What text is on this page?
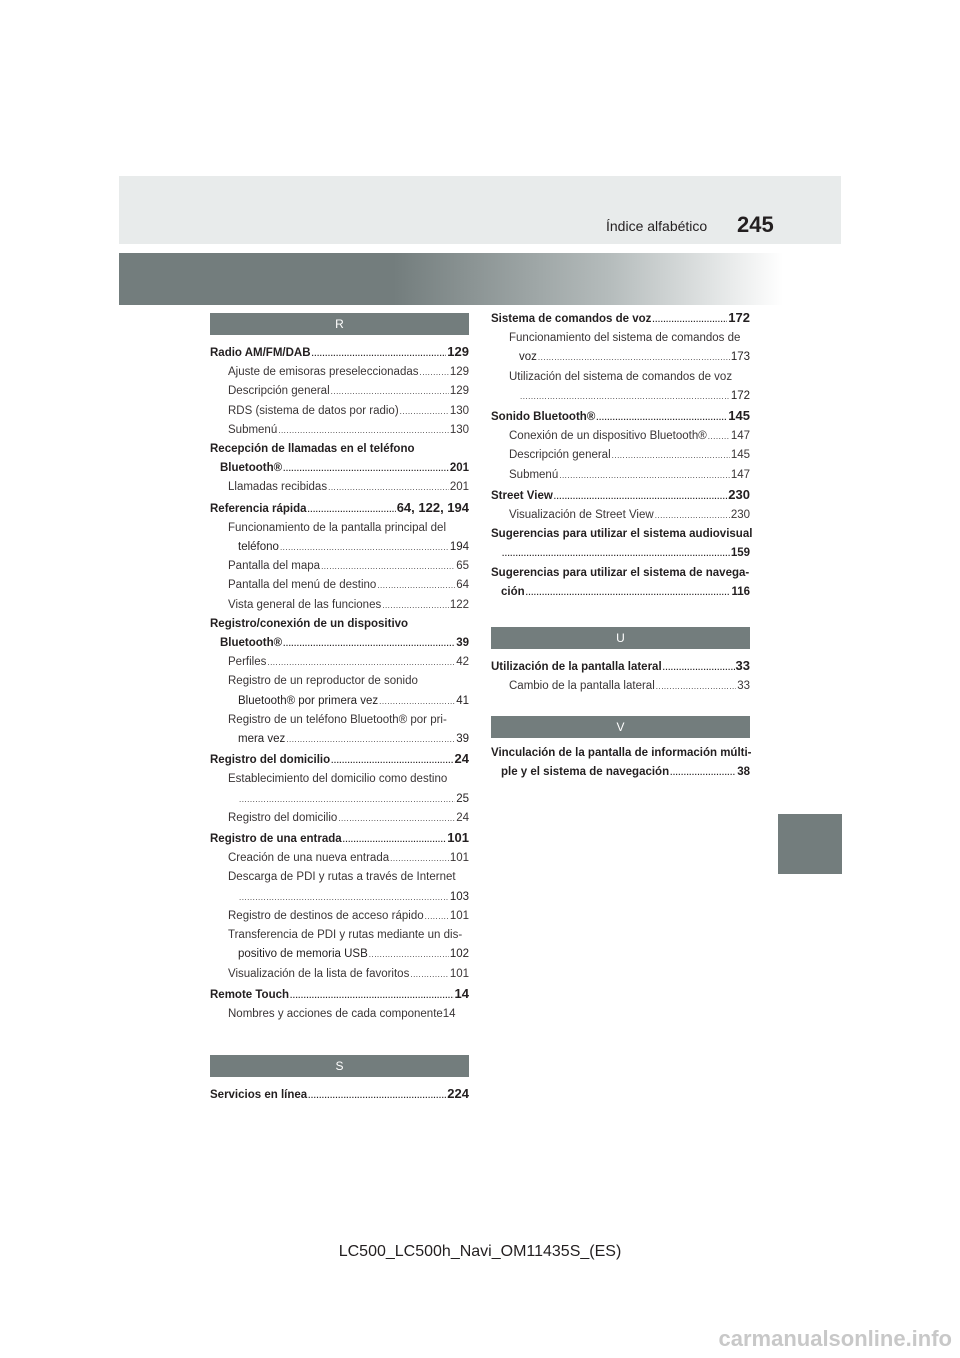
Índice alfabético 245
R
Radio AM/FM/DAB .....	129
Ajuste de emisoras preseleccionadas .....	129
Descripción general .....	129
RDS (sistema de datos por radio) .....	130
Submenú .....	130
Recepción de llamadas en el teléfono
Bluetooth® .....	201
Llamadas recibidas .....	201
Referencia rápida .....	64, 122, 194
Funcionamiento de la pantalla principal del
teléfono .....	194
Pantalla del mapa .....	65
Pantalla del menú de destino .....	64
Vista general de las funciones .....	122
Registro/conexión de un dispositivo
Bluetooth® .....	39
Perfiles .....	42
Registro de un reproductor de sonido
Bluetooth® por primera vez .....	41
Registro de un teléfono Bluetooth® por pri-
mera vez .....	39
Registro del domicilio .....	24
Establecimiento del domicilio como destino
.....
25
Registro del domicilio .....	24
Registro de una entrada .....	101
Creación de una nueva entrada .....	101
Descarga de PDI y rutas a través de Internet
.....
103
Registro de destinos de acceso rápido ..... 101
Transferencia de PDI y rutas mediante un dis-
positivo de memoria USB .....	102
Visualización de la lista de favoritos .....	101
Remote Touch .....	14
Nombres y acciones de cada componente14
S
Servicios en línea .....	224
Sistema de comandos de voz .....	172
Funcionamiento del sistema de comandos de
voz .....	173
Utilización del sistema de comandos de voz
.....
172
Sonido Bluetooth® .....	145
Conexión de un dispositivo Bluetooth® ..... 147
Descripción general .....	145
Submenú .....	147
Street View .....	230
Visualización de Street View .....	230
Sugerencias para utilizar el sistema audiovisual
.....
159
Sugerencias para utilizar el sistema de navega-
ción .....	116
U
Utilización de la pantalla lateral .....	33
Cambio de la pantalla lateral .....	33
V
Vinculación de la pantalla de información múlti-
ple y el sistema de navegación .....	38
LC500_LC500h_Navi_OM11435S_(ES)
carmanualsonline.info
